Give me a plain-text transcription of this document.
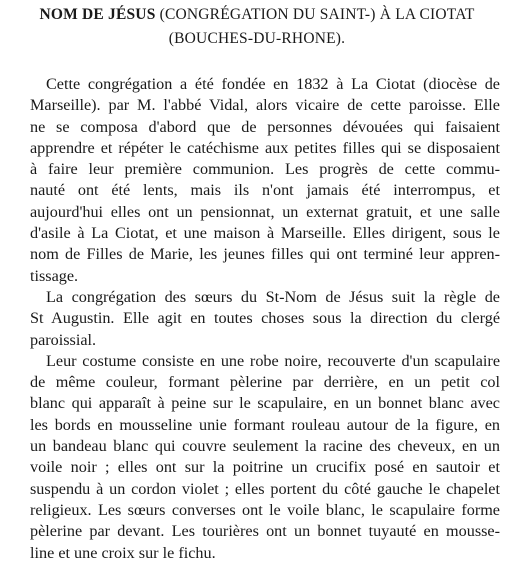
NOM DE JÉSUS (CONGRÉGATION DU SAINT-) À LA CIOTAT
(BOUCHES-DU-RHONE).
Cette congrégation a été fondée en 1832 à La Ciotat (diocèse de
Marseille). par M. l'abbé Vidal, alors vicaire de cette paroisse. Elle
ne se composa d'abord que de personnes dévouées qui faisaient
apprendre et répéter le catéchisme aux petites filles qui se disposaient
à faire leur première communion. Les progrès de cette commu-
nauté ont été lents, mais ils n'ont jamais été interrompus, et
aujourd'hui elles ont un pensionnat, un externat gratuit, et une salle
d'asile à La Ciotat, et une maison à Marseille. Elles dirigent, sous le
nom de Filles de Marie, les jeunes filles qui ont terminé leur appren-
tissage.
La congrégation des sœurs du St-Nom de Jésus suit la règle de
St Augustin. Elle agit en toutes choses sous la direction du clergé
paroissial.
Leur costume consiste en une robe noire, recouverte d'un scapulaire
de même couleur, formant pèlerine par derrière, en un petit col
blanc qui apparaît à peine sur le scapulaire, en un bonnet blanc avec
les bords en mousseline unie formant rouleau autour de la figure, en
un bandeau blanc qui couvre seulement la racine des cheveux, en un
voile noir ; elles ont sur la poitrine un crucifix posé en sautoir et
suspendu à un cordon violet ; elles portent du côté gauche le chapelet
religieux. Les sœurs converses ont le voile blanc, le scapulaire forme
pèlerine par devant. Les tourières ont un bonnet tuyauté en mousse-
line et une croix sur le fichu.
